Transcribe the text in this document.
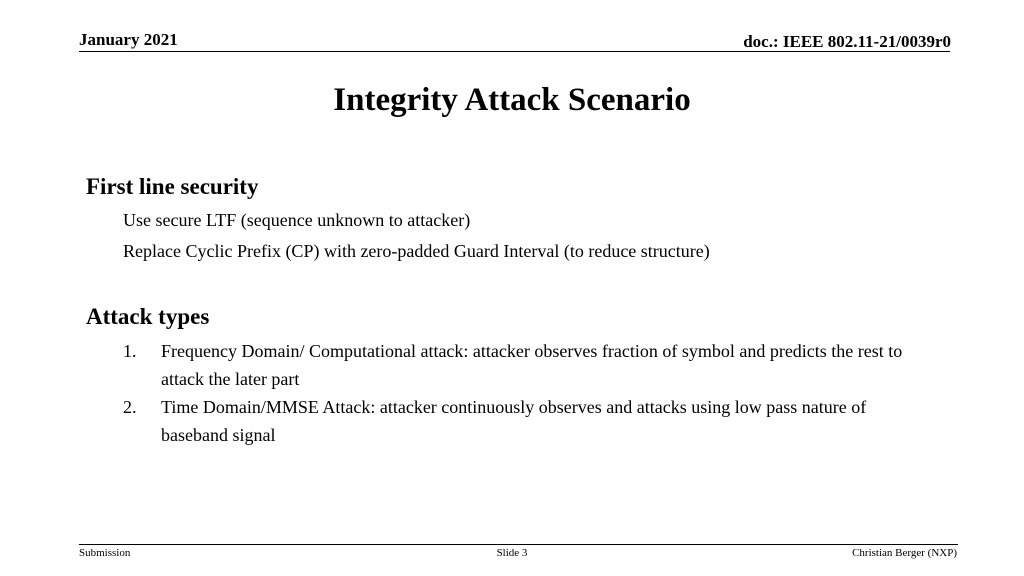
January 2021	doc.: IEEE 802.11-21/0039r0
Integrity Attack Scenario
First line security
Use secure LTF (sequence unknown to attacker)
Replace Cyclic Prefix (CP) with zero-padded Guard Interval (to reduce structure)
Attack types
1. Frequency Domain/ Computational attack: attacker observes fraction of symbol and predicts the rest to attack the later part
2. Time Domain/MMSE Attack: attacker continuously observes and attacks using low pass nature of baseband signal
Submission	Slide 3	Christian Berger (NXP)
